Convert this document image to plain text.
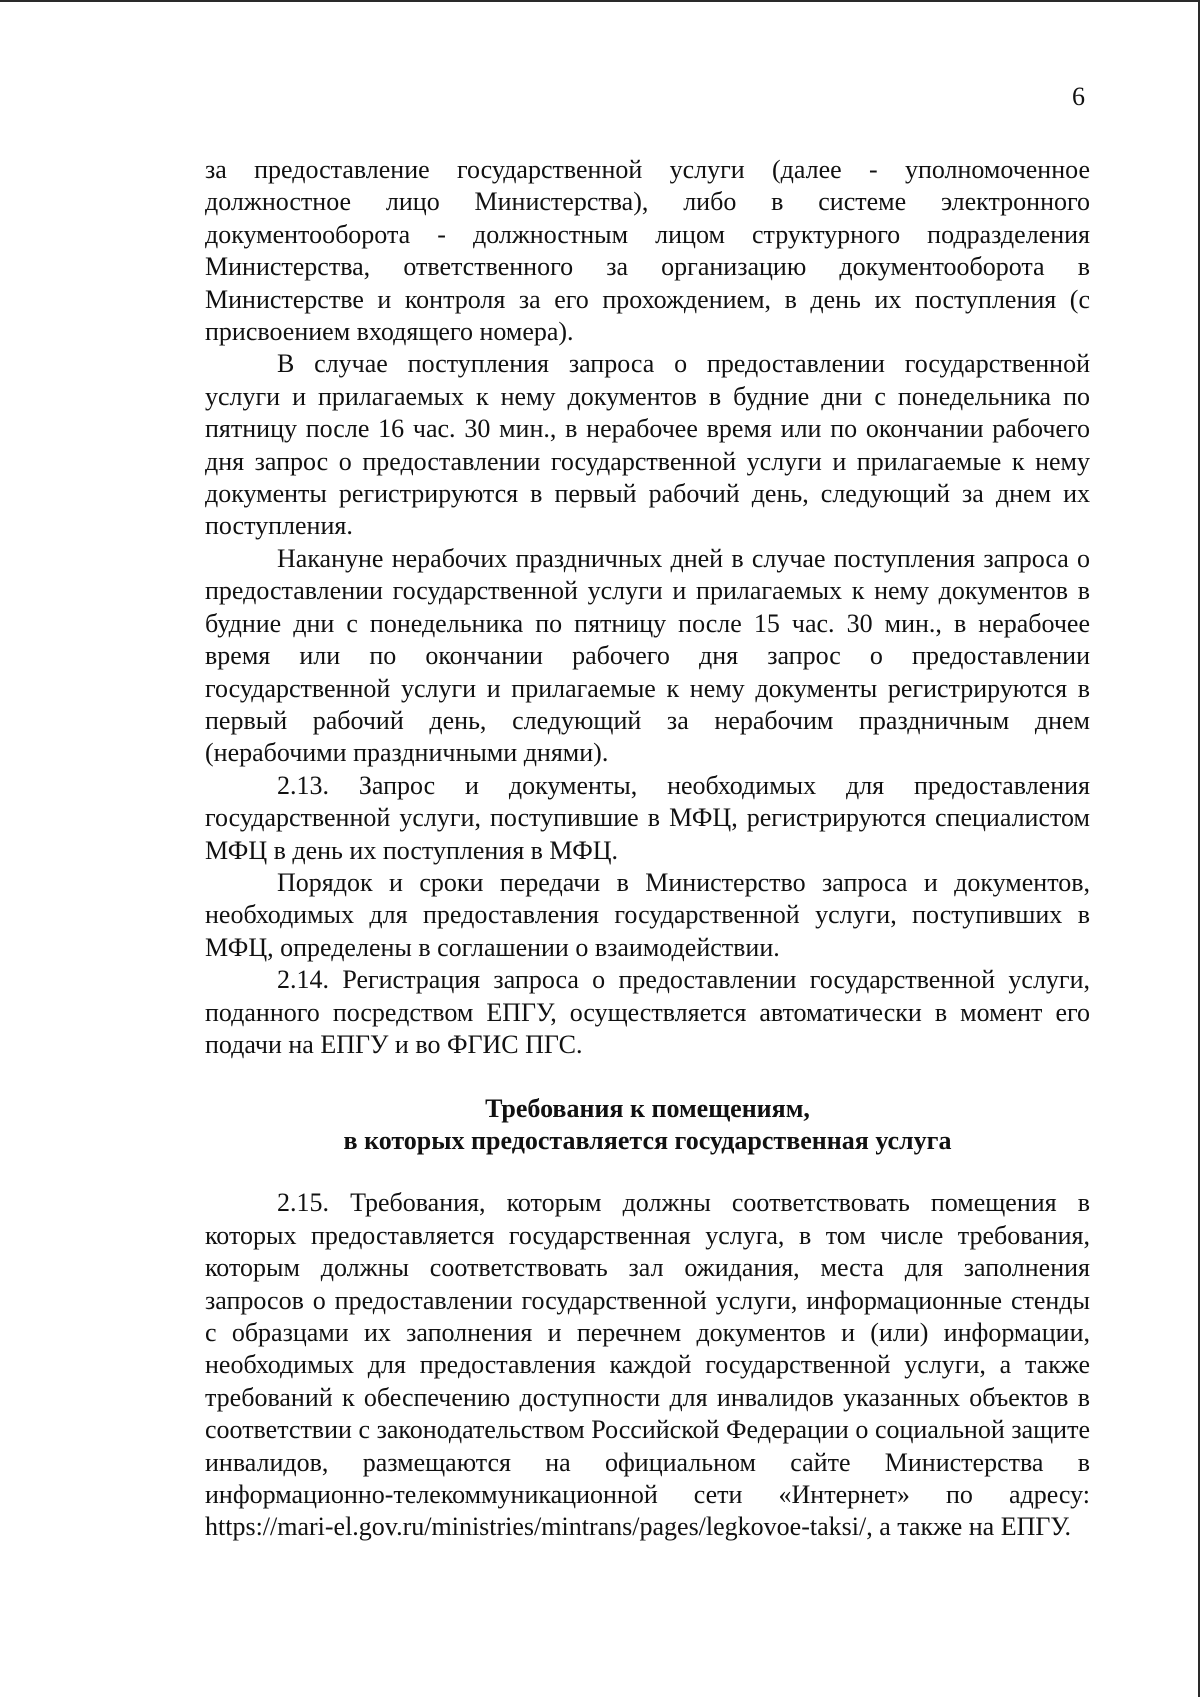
6

за предоставление государственной услуги (далее - уполномоченное должностное лицо Министерства), либо в системе электронного документооборота - должностным лицом структурного подразделения Министерства, ответственного за организацию документооборота в Министерстве и контроля за его прохождением, в день их поступления (с присвоением входящего номера).

В случае поступления запроса о предоставлении государственной услуги и прилагаемых к нему документов в будние дни с понедельника по пятницу после 16 час. 30 мин., в нерабочее время или по окончании рабочего дня запрос о предоставлении государственной услуги и прилагаемые к нему документы регистрируются в первый рабочий день, следующий за днем их поступления.

Накануне нерабочих праздничных дней в случае поступления запроса о предоставлении государственной услуги и прилагаемых к нему документов в будние дни с понедельника по пятницу после 15 час. 30 мин., в нерабочее время или по окончании рабочего дня запрос о предоставлении государственной услуги и прилагаемые к нему документы регистрируются в первый рабочий день, следующий за нерабочим праздничным днем (нерабочими праздничными днями).

2.13. Запрос и документы, необходимых для предоставления государственной услуги, поступившие в МФЦ, регистрируются специалистом МФЦ в день их поступления в МФЦ.

Порядок и сроки передачи в Министерство запроса и документов, необходимых для предоставления государственной услуги, поступивших в МФЦ, определены в соглашении о взаимодействии.

2.14. Регистрация запроса о предоставлении государственной услуги, поданного посредством ЕПГУ, осуществляется автоматически в момент его подачи на ЕПГУ и во ФГИС ПГС.

Требования к помещениям,
в которых предоставляется государственная услуга

2.15. Требования, которым должны соответствовать помещения в которых предоставляется государственная услуга, в том числе требования, которым должны соответствовать зал ожидания, места для заполнения запросов о предоставлении государственной услуги, информационные стенды с образцами их заполнения и перечнем документов и (или) информации, необходимых для предоставления каждой государственной услуги, а также требований к обеспечению доступности для инвалидов указанных объектов в соответствии с законодательством Российской Федерации о социальной защите инвалидов, размещаются на официальном сайте Министерства в информационно-телекоммуникационной сети «Интернет» по адресу: https://mari-el.gov.ru/ministries/mintrans/pages/legkovoe-taksi/, а также на ЕПГУ.
